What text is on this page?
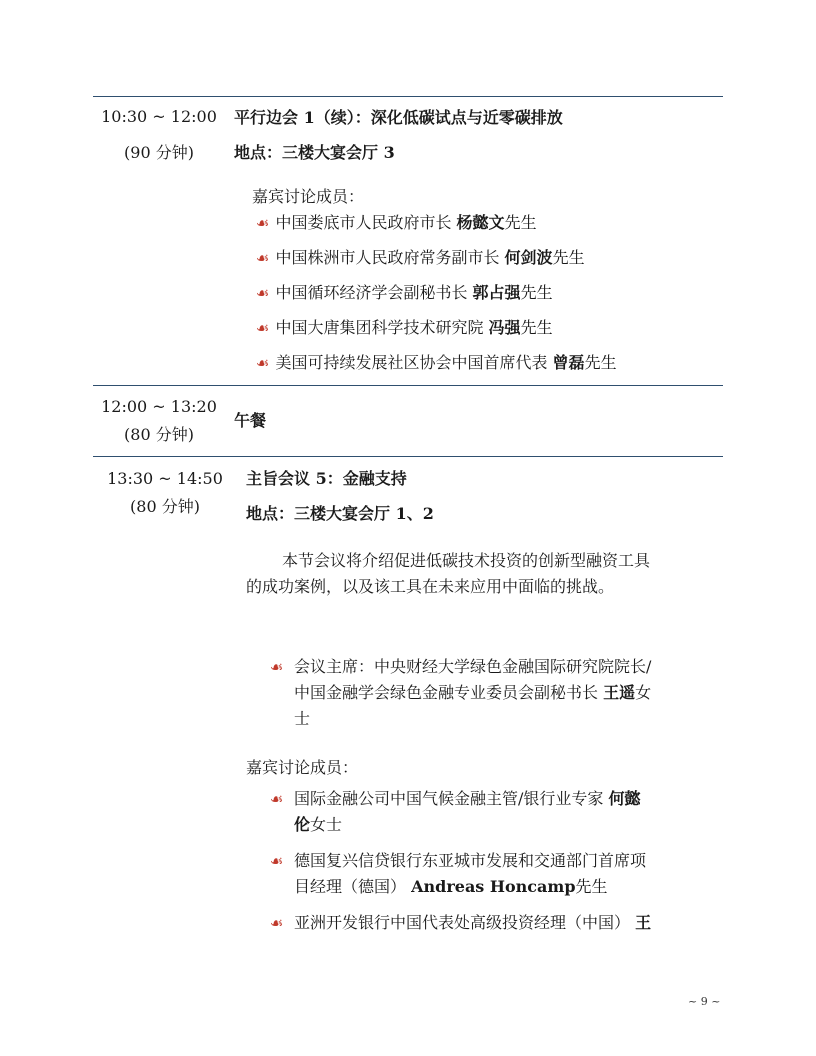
10:30 ~ 12:00
(90 分钟)
平行边会 1（续）：深化低碳试点与近零碳排放
地点：三楼大宴会厅 3
嘉宾讨论成员：
☙ 中国娄底市人民政府市长 杨懿文先生
☙ 中国株洲市人民政府常务副市长 何剑波先生
☙ 中国循环经济学会副秘书长 郭占强先生
☙ 中国大唐集团科学技术研究院 冯强先生
☙ 美国可持续发展社区协会中国首席代表 曾磊先生
12:00 ~ 13:20
(80 分钟)
午餐
13:30 ~ 14:50
(80 分钟)
主旨会议 5：金融支持
地点：三楼大宴会厅 1、2
本节会议将介绍促进低碳技术投资的创新型融资工具
的成功案例，以及该工具在未来应用中面临的挑战。
☙ 会议主席：中央财经大学绿色金融国际研究院院长/
中国金融学会绿色金融专业委员会副秘书长 王遥女
士
嘉宾讨论成员：
☙ 国际金融公司中国气候金融主管/银行业专家 何懿
伦女士
☙ 德国复兴信贷银行东亚城市发展和交通部门首席项
目经理（德国） Andreas Honcamp先生
☙ 亚洲开发银行中国代表处高级投资经理（中国） 王
~ 9 ~
